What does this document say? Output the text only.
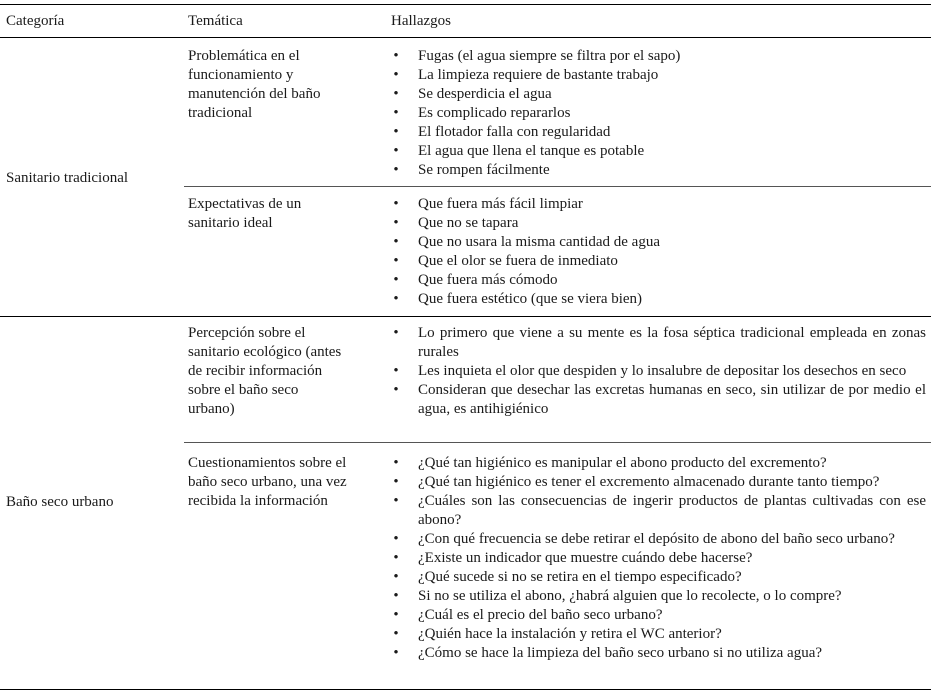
Categoría	Temática	Hallazgos
Sanitario tradicional
Baño seco urbano
Problemática en el funcionamiento y manutención del baño tradicional
Expectativas de un sanitario ideal
Percepción sobre el sanitario ecológico (antes de recibir información sobre el baño seco urbano)
Cuestionamientos sobre el baño seco urbano, una vez recibida la información
• Fugas (el agua siempre se filtra por el sapo)
• La limpieza requiere de bastante trabajo
• Se desperdicia el agua
• Es complicado repararlos
• El flotador falla con regularidad
• El agua que llena el tanque es potable
• Se rompen fácilmente
• Que fuera más fácil limpiar
• Que no se tapara
• Que no usara la misma cantidad de agua
• Que el olor se fuera de inmediato
• Que fuera más cómodo
• Que fuera estético (que se viera bien)
• Lo primero que viene a su mente es la fosa séptica tradicional empleada en zonas rurales
• Les inquieta el olor que despiden y lo insalubre de depositar los desechos en seco
• Consideran que desechar las excretas humanas en seco, sin utilizar de por medio el agua, es antihigiénico
• ¿Qué tan higiénico es manipular el abono producto del excremento?
• ¿Qué tan higiénico es tener el excremento almacenado durante tanto tiempo?
• ¿Cuáles son las consecuencias de ingerir productos de plantas cultivadas con ese abono?
• ¿Con qué frecuencia se debe retirar el depósito de abono del baño seco urbano?
• ¿Existe un indicador que muestre cuándo debe hacerse?
• ¿Qué sucede si no se retira en el tiempo especificado?
• Si no se utiliza el abono, ¿habrá alguien que lo recolecte, o lo compre?
• ¿Cuál es el precio del baño seco urbano?
• ¿Quién hace la instalación y retira el WC anterior?
• ¿Cómo se hace la limpieza del baño seco urbano si no utiliza agua?
